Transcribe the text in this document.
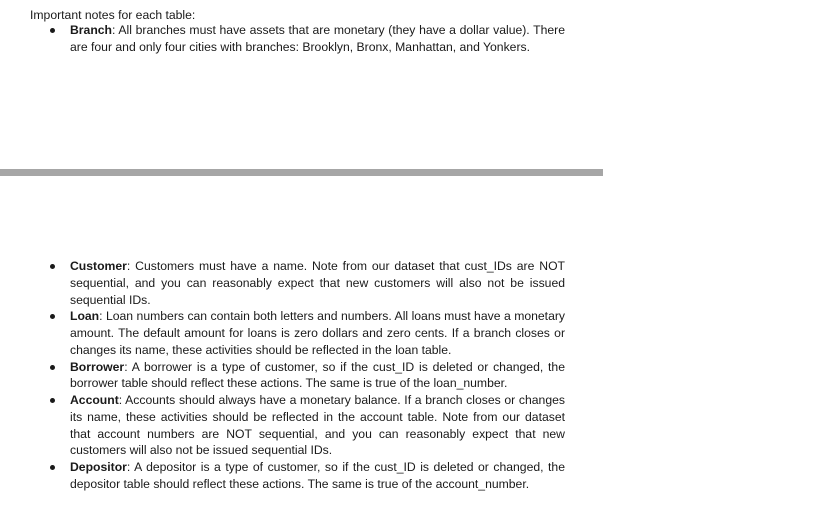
Important notes for each table:
Branch: All branches must have assets that are monetary (they have a dollar value). There are four and only four cities with branches: Brooklyn, Bronx, Manhattan, and Yonkers.
Customer: Customers must have a name. Note from our dataset that cust_IDs are NOT sequential, and you can reasonably expect that new customers will also not be issued sequential IDs.
Loan: Loan numbers can contain both letters and numbers. All loans must have a monetary amount. The default amount for loans is zero dollars and zero cents. If a branch closes or changes its name, these activities should be reflected in the loan table.
Borrower: A borrower is a type of customer, so if the cust_ID is deleted or changed, the borrower table should reflect these actions. The same is true of the loan_number.
Account: Accounts should always have a monetary balance. If a branch closes or changes its name, these activities should be reflected in the account table. Note from our dataset that account numbers are NOT sequential, and you can reasonably expect that new customers will also not be issued sequential IDs.
Depositor: A depositor is a type of customer, so if the cust_ID is deleted or changed, the depositor table should reflect these actions. The same is true of the account_number.
